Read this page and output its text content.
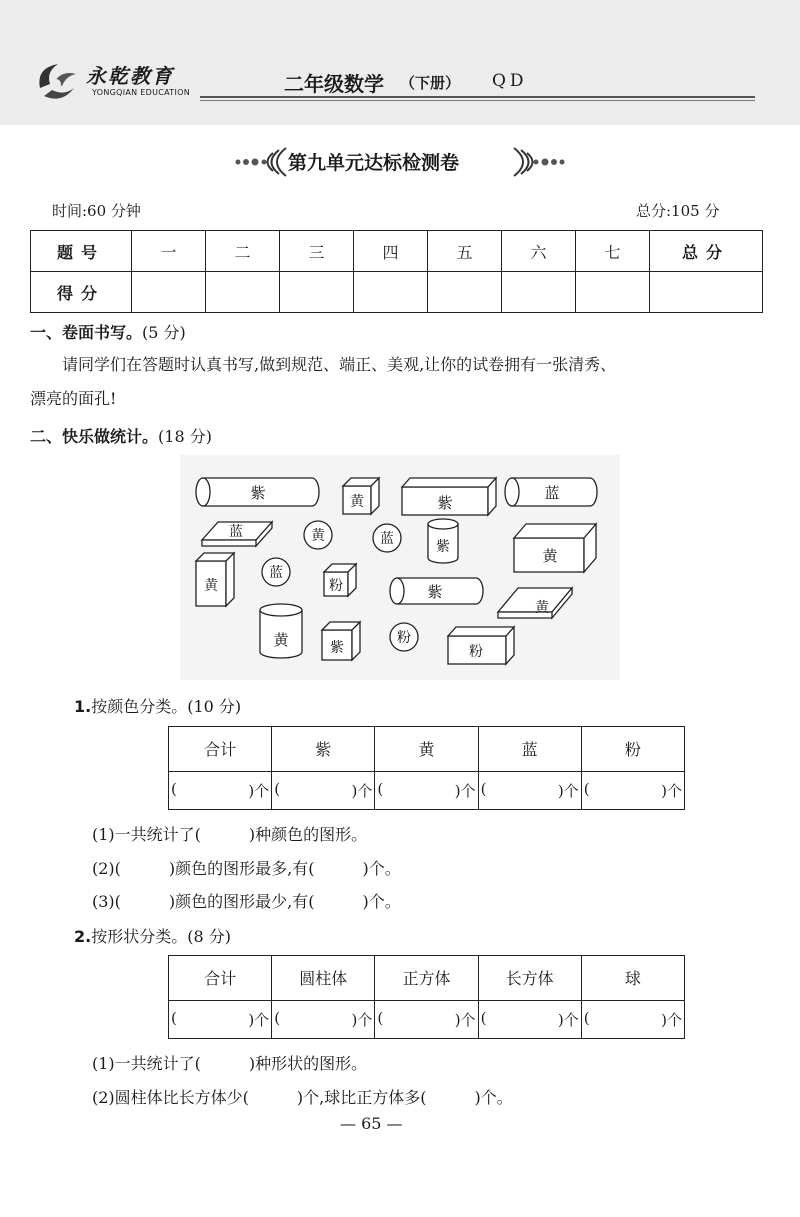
永乾教育
YONGQIAN EDUCATION	二年级数学 （下册） QD
第九单元达标检测卷
时间:60 分钟	总分:105 分
题号	一	二	三	四	五	六	七	总分
得分								
一、卷面书写。(5 分)
请同学们在答题时认真书写,做到规范、端正、美观,让你的试卷拥有一张清秀、
漂亮的面孔!
二、快乐做统计。(18 分)
紫	黄	紫
蓝
蓝	黄	蓝	紫	黄
黄
蓝
粉	紫
黄
黄	紫
粉
粉
1.按颜色分类。(10 分)
合计	紫	黄	蓝	粉

( )个	( )个	( )个	( )个	( )个
(1)一共统计了(　　　)种颜色的图形。
(2)(　　　)颜色的图形最多,有(　　　)个。
(3)(　　　)颜色的图形最少,有(　　　)个。
2.按形状分类。(8 分)
合计	圆柱体	正方体	长方体	球

( )个	( )个	( )个	( )个	( )个
(1)一共统计了(　　　)种形状的图形。
(2)圆柱体比长方体少(　　　)个,球比正方体多(　　　)个。
— 65 —
